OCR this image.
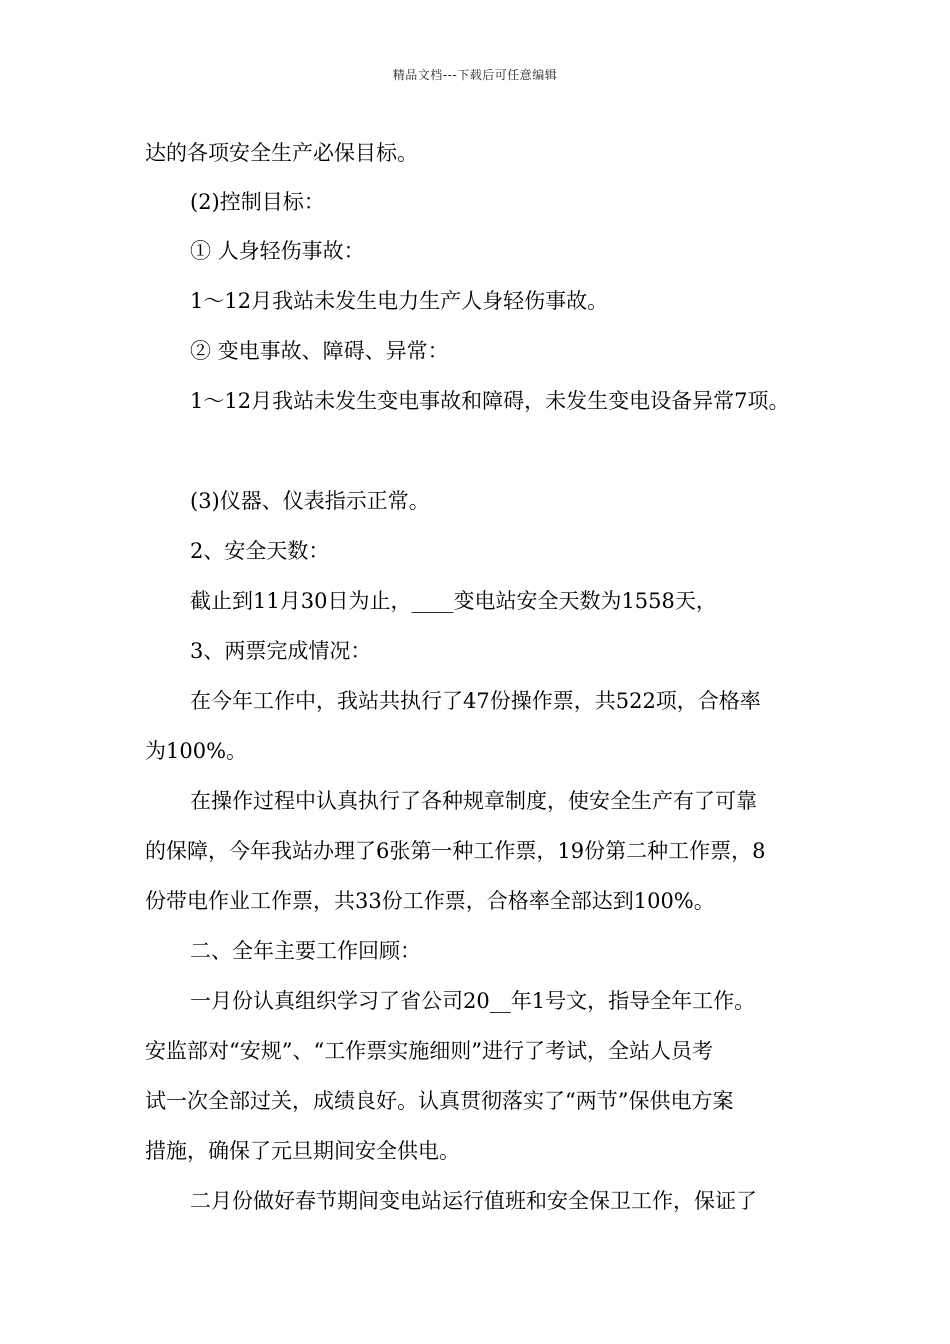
精品文档---下载后可任意编辑
达的各项安全生产必保目标。
(2)控制目标：
① 人身轻伤事故：
1～12月我站未发生电力生产人身轻伤事故。
② 变电事故、障碍、异常：
1～12月我站未发生变电事故和障碍，未发生变电设备异常7项。
(3)仪器、仪表指示正常。
2、安全天数：
截止到11月30日为止，____变电站安全天数为1558天，
3、两票完成情况：
在今年工作中，我站共执行了47份操作票，共522项，合格率
为100%。
在操作过程中认真执行了各种规章制度，使安全生产有了可靠
的保障，今年我站办理了6张第一种工作票，19份第二种工作票，8
份带电作业工作票，共33份工作票，合格率全部达到100%。
二、全年主要工作回顾：
一月份认真组织学习了省公司20__年1号文，指导全年工作。
安监部对“安规”、“工作票实施细则”进行了考试，全站人员考
试一次全部过关，成绩良好。认真贯彻落实了“两节”保供电方案
措施，确保了元旦期间安全供电。
二月份做好春节期间变电站运行值班和安全保卫工作，保证了
